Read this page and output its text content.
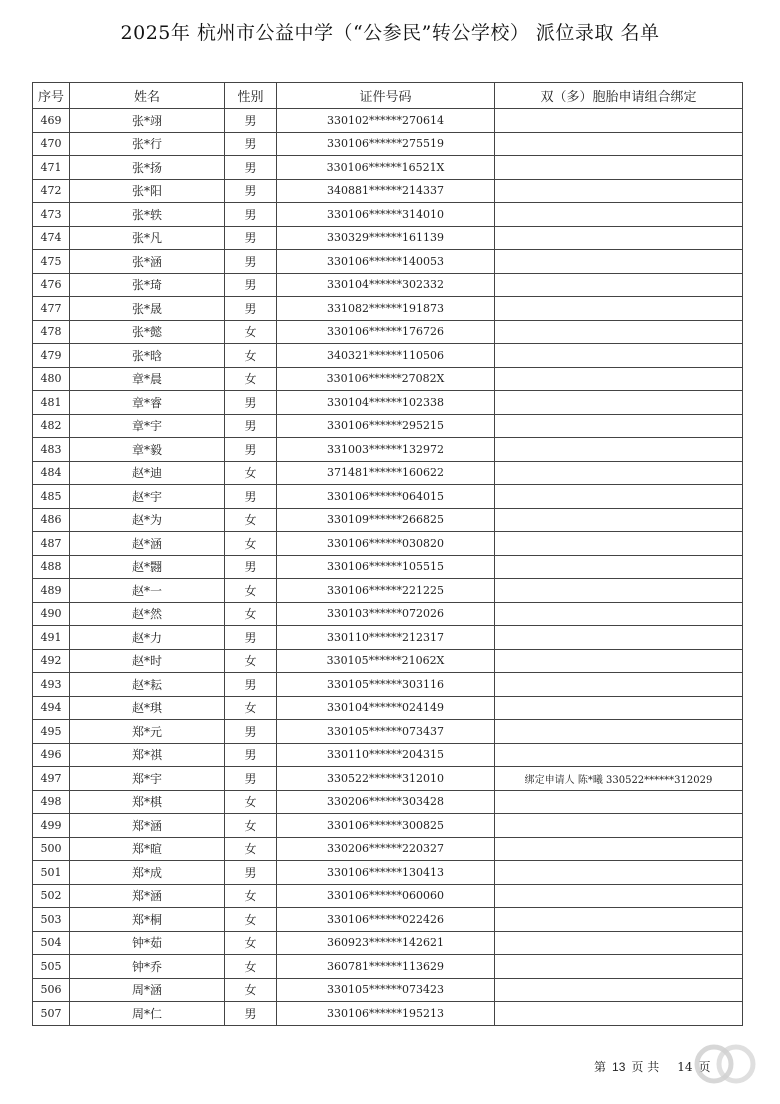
2025年 杭州市公益中学（“公参民”转公学校） 派位录取 名单
序号	姓名	性别	证件号码	双（多）胞胎申请组合绑定
469	张*翊	男	330102******270614	
470	张*行	男	330106******275519	
471	张*扬	男	330106******16521X	
472	张*阳	男	340881******214337	
473	张*轶	男	330106******314010	
474	张*凡	男	330329******161139	
475	张*涵	男	330106******140053	
476	张*琦	男	330104******302332	
477	张*晟	男	331082******191873	
478	张*懿	女	330106******176726	
479	张*晗	女	340321******110506	
480	章*晨	女	330106******27082X	
481	章*睿	男	330104******102338	
482	章*宇	男	330106******295215	
483	章*毅	男	331003******132972	
484	赵*迪	女	371481******160622	
485	赵*宇	男	330106******064015	
486	赵*为	女	330109******266825	
487	赵*涵	女	330106******030820	
488	赵*翾	男	330106******105515	
489	赵*一	女	330106******221225	
490	赵*然	女	330103******072026	
491	赵*力	男	330110******212317	
492	赵*时	女	330105******21062X	
493	赵*耘	男	330105******303116	
494	赵*琪	女	330104******024149	
495	郑*元	男	330105******073437	
496	郑*祺	男	330110******204315	
497	郑*宇	男	330522******312010	绑定申请人 陈*曦 330522******312029
498	郑*棋	女	330206******303428	
499	郑*涵	女	330106******300825	
500	郑*暄	女	330206******220327	
501	郑*成	男	330106******130413	
502	郑*涵	女	330106******060060	
503	郑*桐	女	330106******022426	
504	钟*茹	女	360923******142621	
505	钟*乔	女	360781******113629	
506	周*涵	女	330105******073423	
507	周*仁	男	330106******195213	
第 13 页 共 14 页
